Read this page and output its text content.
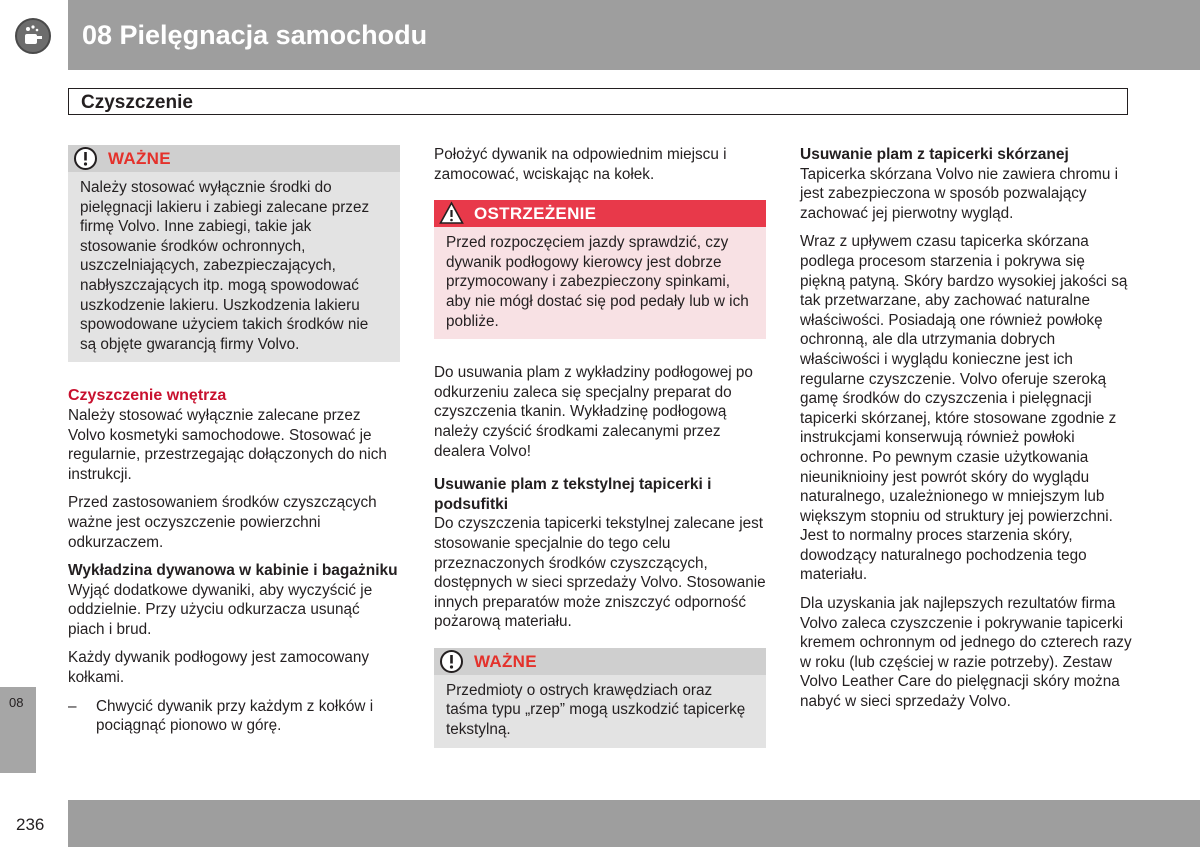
08 Pielęgnacja samochodu
Czyszczenie
WAŻNE
Należy stosować wyłącznie środki do pielęgnacji lakieru i zabiegi zalecane przez firmę Volvo. Inne zabiegi, takie jak stosowanie środków ochronnych, uszczelniających, zabezpieczających, nabłyszczających itp. mogą spowodować uszkodzenie lakieru. Uszkodzenia lakieru spowodowane użyciem takich środków nie są objęte gwarancją firmy Volvo.
Czyszczenie wnętrza

Należy stosować wyłącznie zalecane przez Volvo kosmetyki samochodowe. Stosować je regularnie, przestrzegając dołączonych do nich instrukcji.

Przed zastosowaniem środków czyszczących ważne jest oczyszczenie powierzchni odkurzaczem.

Wykładzina dywanowa w kabinie i bagażniku

Wyjąć dodatkowe dywaniki, aby wyczyścić je oddzielnie. Przy użyciu odkurzacza usunąć piach i brud.

Każdy dywanik podłogowy jest zamocowany kołkami.

– Chwycić dywanik przy każdym z kołków i pociągnąć pionowo w górę.

Położyć dywanik na odpowiednim miejscu i zamocować, wciskając na kołek.

OSTRZEŻENIE
Przed rozpoczęciem jazdy sprawdzić, czy dywanik podłogowy kierowcy jest dobrze przymocowany i zabezpieczony spinkami, aby nie mógł dostać się pod pedały lub w ich pobliże.

Do usuwania plam z wykładziny podłogowej po odkurzeniu zaleca się specjalny preparat do czyszczenia tkanin. Wykładzinę podłogową należy czyścić środkami zalecanymi przez dealera Volvo!

Usuwanie plam z tekstylnej tapicerki i podsufitki

Do czyszczenia tapicerki tekstylnej zalecane jest stosowanie specjalnie do tego celu przeznaczonych środków czyszczących, dostępnych w sieci sprzedaży Volvo. Stosowanie innych preparatów może zniszczyć odporność pożarową materiału.

WAŻNE
Przedmioty o ostrych krawędziach oraz taśma typu „rzep” mogą uszkodzić tapicerkę tekstylną.
Usuwanie plam z tapicerki skórzanej

Tapicerka skórzana Volvo nie zawiera chromu i jest zabezpieczona w sposób pozwalający zachować jej pierwotny wygląd.

Wraz z upływem czasu tapicerka skórzana podlega procesom starzenia i pokrywa się piękną patyną. Skóry bardzo wysokiej jakości są tak przetwarzane, aby zachować naturalne właściwości. Posiadają one również powłokę ochronną, ale dla utrzymania dobrych właściwości i wyglądu konieczne jest ich regularne czyszczenie. Volvo oferuje szeroką gamę środków do czyszczenia i pielęgnacji tapicerki skórzanej, które stosowane zgodnie z instrukcjami konserwują również powłoki ochronne. Po pewnym czasie użytkowania nieuniknioiny jest powrót skóry do wyglądu naturalnego, uzależnionego w mniejszym lub większym stopniu od struktury jej powierzchni. Jest to normalny proces starzenia skóry, dowodzący naturalnego pochodzenia tego materiału.

Dla uzyskania jak najlepszych rezultatów firma Volvo zaleca czyszczenie i pokrywanie tapicerki kremem ochronnym od jednego do czterech razy w roku (lub częściej w razie potrzeby). Zestaw Volvo Leather Care do pielęgnacji skóry można nabyć w sieci sprzedaży Volvo.

08
236
